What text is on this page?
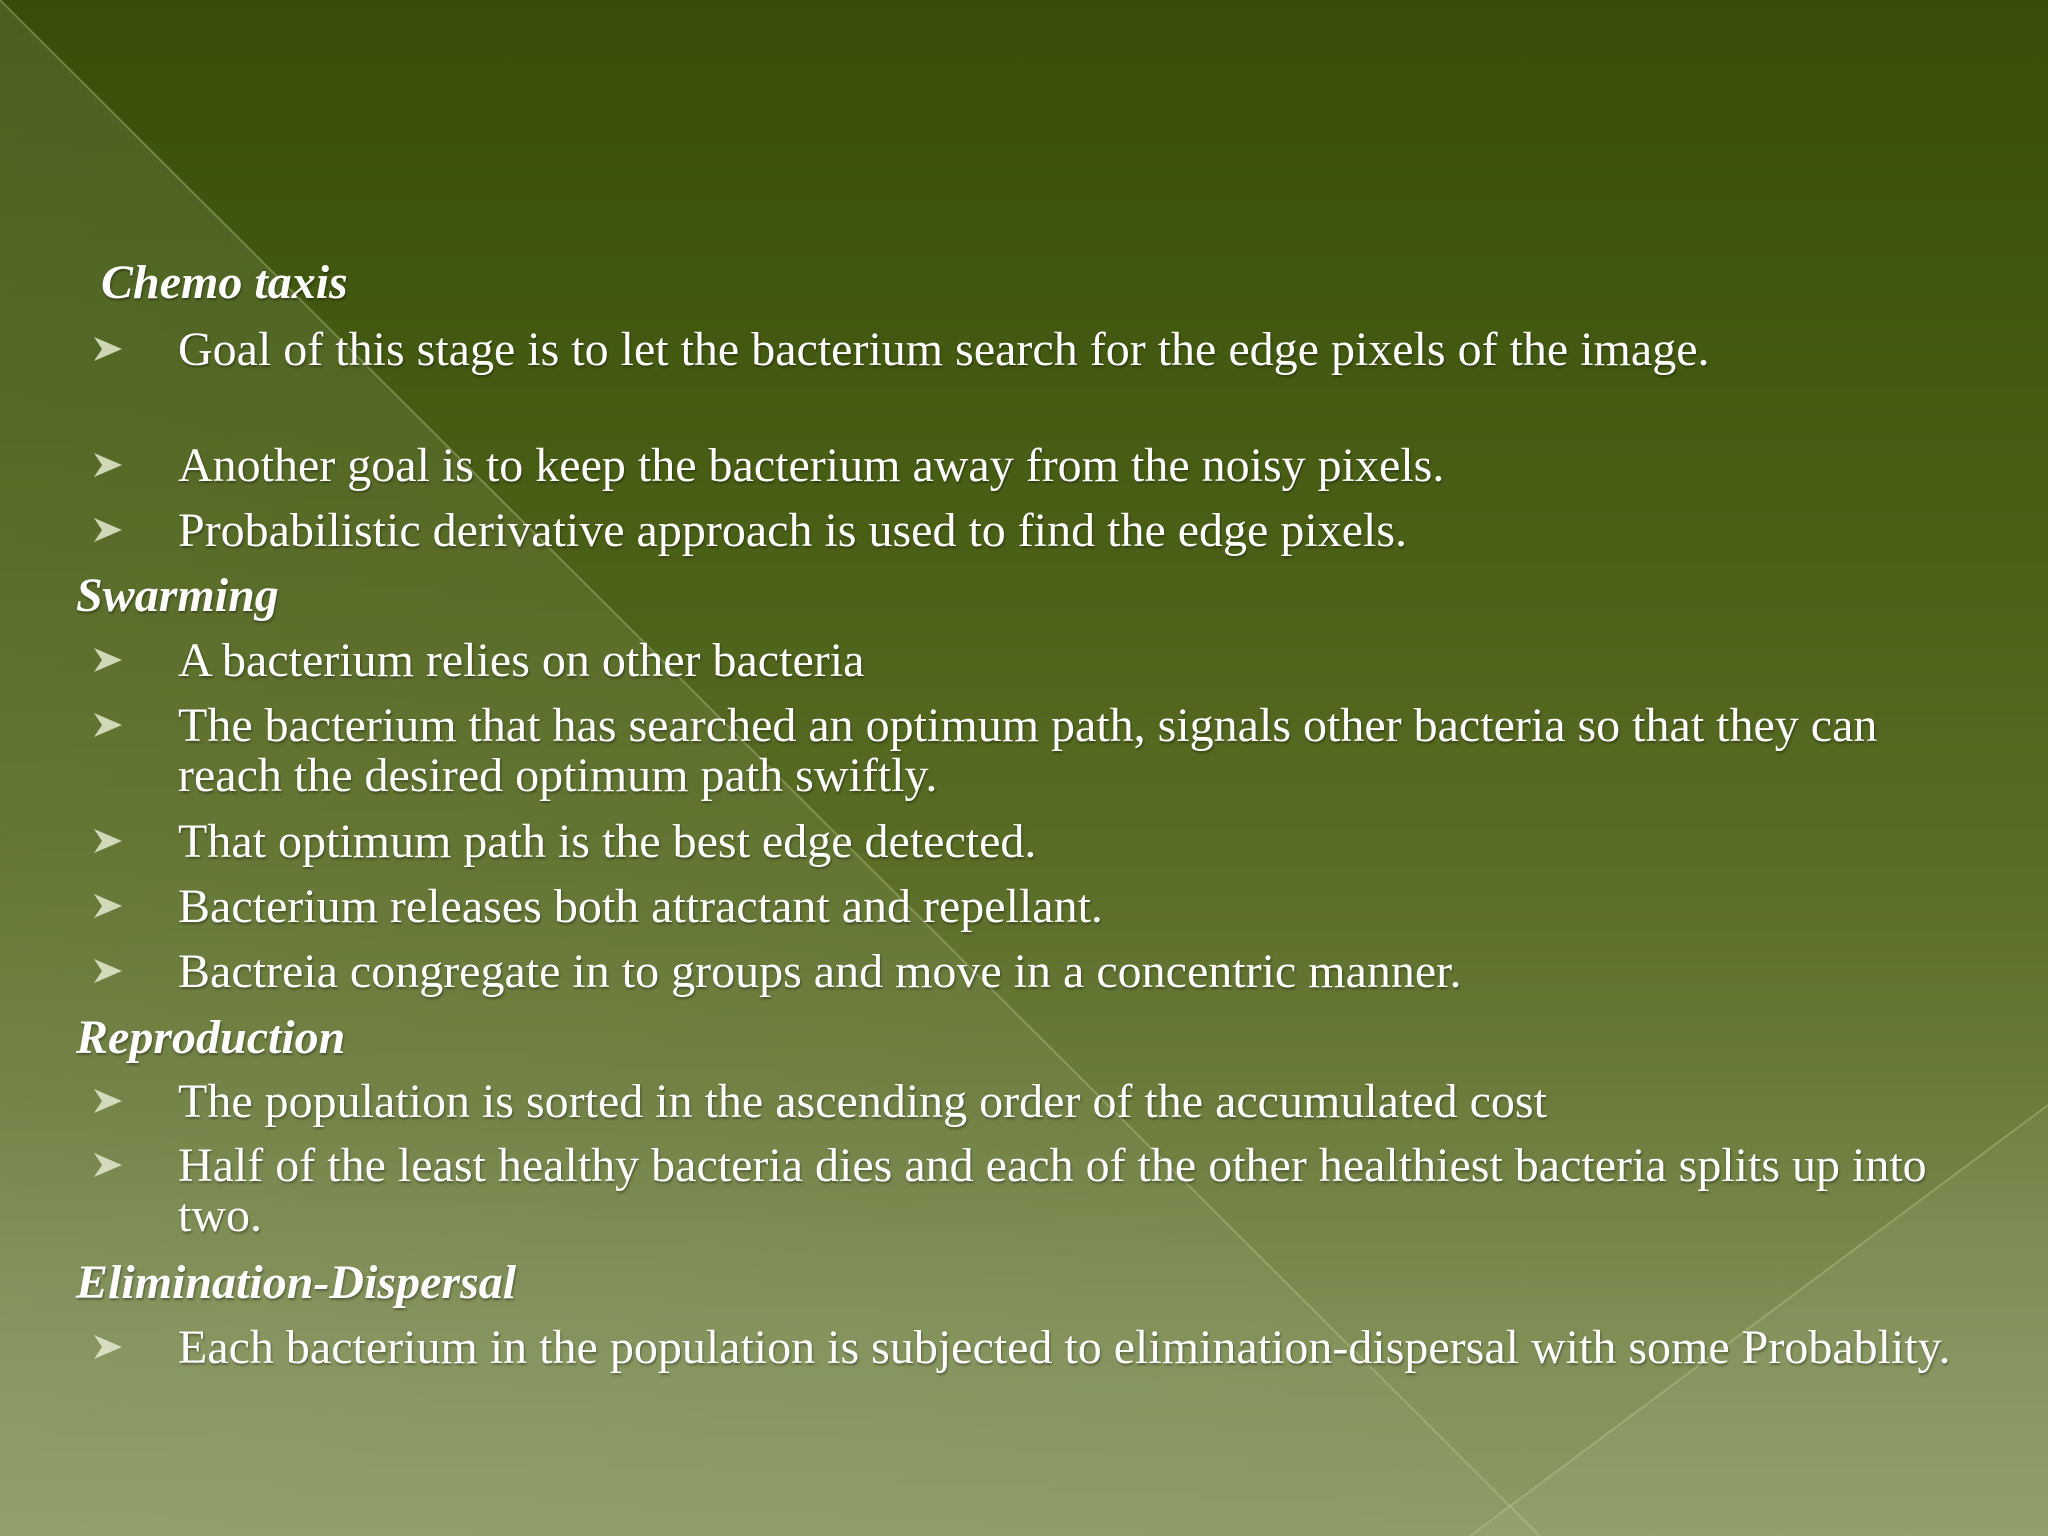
Chemo taxis
Goal of this stage is to let the bacterium search for the edge pixels of the image.
Another goal is to keep the bacterium away from the noisy pixels.
Probabilistic derivative approach is used to find the edge pixels.
Swarming
A bacterium relies on other bacteria
The bacterium that has searched an optimum path, signals other bacteria so that they can reach the desired optimum path swiftly.
That optimum path is the best edge detected.
Bacterium releases both attractant and repellant.
Bactreia congregate in to groups and move in a concentric manner.
Reproduction
The population is sorted in the ascending order of the accumulated cost
Half of the least healthy bacteria dies and each of the other healthiest bacteria splits up into two.
Elimination-Dispersal
Each bacterium in the population is subjected to elimination-dispersal with some Probablity.
